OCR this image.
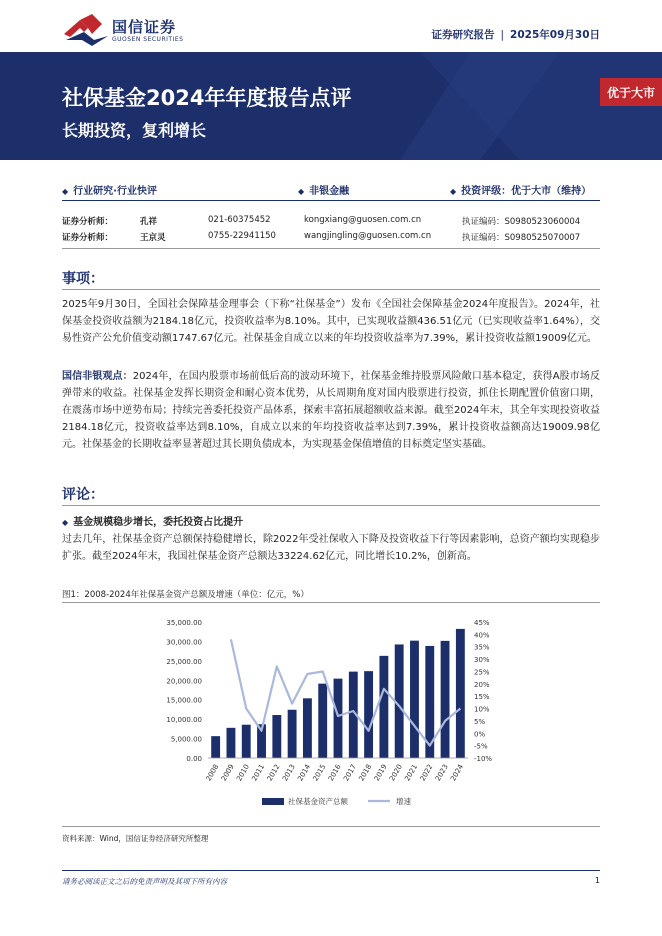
国信证券
GUOSEN SECURITIES	证券研究报告 | 2025年09月30日
社保基金2024年年度报告点评
长期投资，复利增长
优于大市
◆ 行业研究·行业快评	◆ 非银金融	◆ 投资评级：优于大市（维持）
证券分析师：	孔祥	021-60375452	kongxiang@guosen.com.cn	执证编码：S0980523060004
证券分析师：	王京灵	0755-22941150	wangjingling@guosen.com.cn	执证编码：S0980525070007
事项：
2025年9月30日，全国社会保障基金理事会（下称“社保基金”）发布《全国社会保障基金2024年度报告》。2024年，社保基金投资收益额为2184.18亿元，投资收益率为8.10%。其中，已实现收益额436.51亿元（已实现收益率1.64%），交易性资产公允价值变动额1747.67亿元。社保基金自成立以来的年均投资收益率为7.39%，累计投资收益额19009亿元。
国信非银观点：2024年，在国内股票市场前低后高的波动环境下，社保基金维持股票风险敞口基本稳定，获得A股市场反弹带来的收益。社保基金发挥长期资金和耐心资本优势，从长周期角度对国内股票进行投资，抓住长期配置价值窗口期，在震荡市场中逆势布局；持续完善委托投资产品体系，探索丰富拓展超额收益来源。截至2024年末，其全年实现投资收益2184.18亿元，投资收益率达到8.10%，自成立以来的年均投资收益率达到7.39%，累计投资收益额高达19009.98亿元。社保基金的长期收益率显著超过其长期负债成本，为实现基金保值增值的目标奠定坚实基础。
评论：
◆ 基金规模稳步增长，委托投资占比提升
过去几年，社保基金资产总额保持稳健增长，除2022年受社保收入下降及投资收益下行等因素影响，总资产额均实现稳步扩张。截至2024年末，我国社保基金资产总额达33224.62亿元，同比增长10.2%，创新高。
图1：2008-2024年社保基金资产总额及增速（单位：亿元，%）
0.00
5,000.00
10,000.00
15,000.00
20,000.00
25,000.00
30,000.00
35,000.00
-10%
-5%
0%
5%
10%
15%
20%
25%
30%
35%
40%
45%
2008 2009 2010 2011 2012 2013 2014 2015 2016 2017 2018 2019 2020 2021 2022 2023 2024
社保基金资产总额	增速
资料来源：Wind，国信证券经济研究所整理
请务必阅读正文之后的免责声明及其项下所有内容	1
